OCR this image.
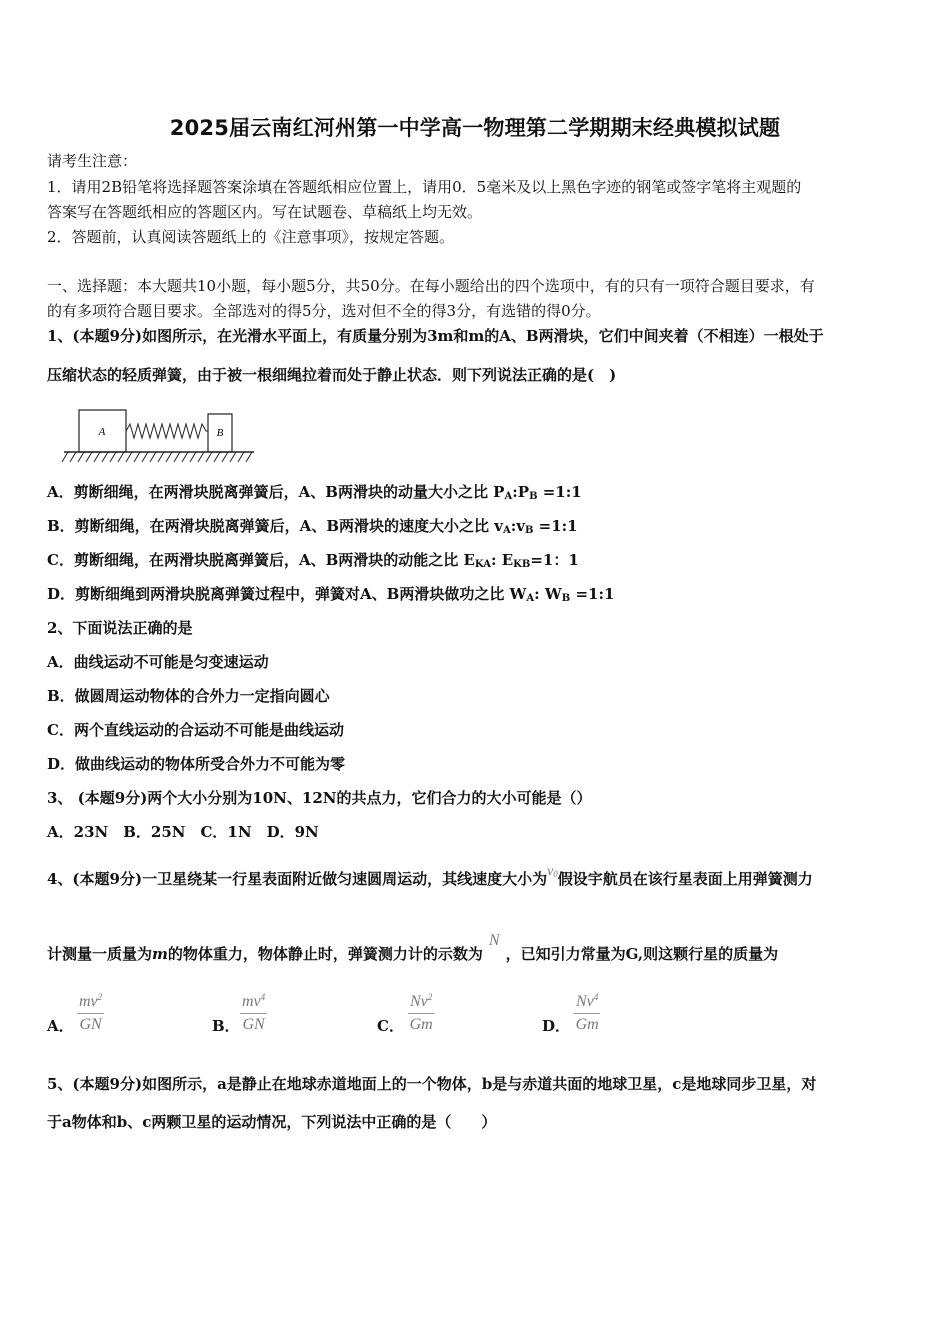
2025届云南红河州第一中学高一物理第二学期期末经典模拟试题
请考生注意：
1．请用2B铅笔将选择题答案涂填在答题纸相应位置上，请用0．5毫米及以上黑色字迹的钢笔或签字笔将主观题的
答案写在答题纸相应的答题区内。写在试题卷、草稿纸上均无效。
2．答题前，认真阅读答题纸上的《注意事项》，按规定答题。
一、选择题：本大题共10小题，每小题5分，共50分。在每小题给出的四个选项中，有的只有一项符合题目要求，有
的有多项符合题目要求。全部选对的得5分，选对但不全的得3分，有选错的得0分。
1、(本题9分)如图所示，在光滑水平面上，有质量分别为3m和m的A、B两滑块，它们中间夹着（不相连）一根处于
压缩状态的轻质弹簧，由于被一根细绳拉着而处于静止状态．则下列说法正确的是(　)
A	B
A．剪断细绳，在两滑块脱离弹簧后，A、B两滑块的动量大小之比 $P_A:P_B$ =1:1
B．剪断细绳，在两滑块脱离弹簧后，A、B两滑块的速度大小之比 $v_A:v_B$ =1:1
C．剪断细绳，在两滑块脱离弹簧后，A、B两滑块的动能之比 $E_{KA}$: $E_{KB}=1$：1
D．剪断细绳到两滑块脱离弹簧过程中，弹簧对A、B两滑块做功之比 $W_A$: $W_B$ =1:1
2、下面说法正确的是
A．曲线运动不可能是匀变速运动
B．做圆周运动物体的合外力一定指向圆心
C．两个直线运动的合运动不可能是曲线运动
D．做曲线运动的物体所受合外力不可能为零
3、 (本题9分)两个大小分别为10N、12N的共点力，它们合力的大小可能是（）
A．23N　B．25N　C．1N　D．9N
4、(本题9分)一卫星绕某一行星表面附近做匀速圆周运动，其线速度大小为$v_0$假设宇航员在该行星表面上用弹簧测力
计测量一质量为m的物体重力，物体静止时，弹簧测力计的示数为N，已知引力常量为G,则这颗行星的质量为
A． $\frac{mv^2}{GN}$	B． $\frac{mv^4}{GN}$	C． $\frac{Nv^2}{Gm}$	D． $\frac{Nv^4}{Gm}$
5、(本题9分)如图所示，a是静止在地球赤道地面上的一个物体，b是与赤道共面的地球卫星，c是地球同步卫星，对
于a物体和b、c两颗卫星的运动情况，下列说法中正确的是（　　）
